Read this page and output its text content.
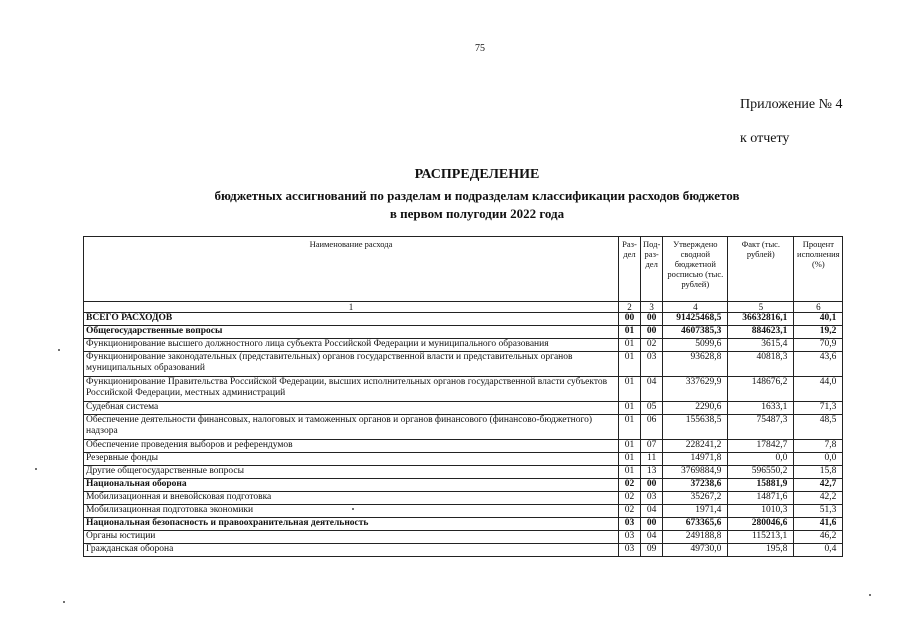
75
Приложение № 4
к отчету
РАСПРЕДЕЛЕНИЕ
бюджетных ассигнований по разделам и подразделам классификации расходов бюджетов
в первом полугодии 2022 года
Наименование расхода	Раз-дел	Под-раз-дел	Утверждено сводной бюджетной росписью (тыс. рублей)	Факт (тыс. рублей)	Процент исполнения (%)
1	2	3	4	5	6
ВСЕГО РАСХОДОВ	00	00	91425468,5	36632816,1	40,1
Общегосударственные вопросы	01	00	4607385,3	884623,1	19,2
Функционирование высшего должностного лица субъекта Российской Федерации и муниципального образования	01	02	5099,6	3615,4	70,9
Функционирование законодательных (представительных) органов государственной власти и представительных органов муниципальных образований	01	03	93628,8	40818,3	43,6
Функционирование Правительства Российской Федерации, высших исполнительных органов государственной власти субъектов Российской Федерации, местных администраций	01	04	337629,9	148676,2	44,0
Судебная система	01	05	2290,6	1633,1	71,3
Обеспечение деятельности финансовых, налоговых и таможенных органов и органов финансового (финансово-бюджетного) надзора	01	06	155638,5	75487,3	48,5
Обеспечение проведения выборов и референдумов	01	07	228241,2	17842,7	7,8
Резервные фонды	01	11	14971,8	0,0	0,0
Другие общегосударственные вопросы	01	13	3769884,9	596550,2	15,8
Национальная оборона	02	00	37238,6	15881,9	42,7
Мобилизационная и вневойсковая подготовка	02	03	35267,2	14871,6	42,2
Мобилизационная подготовка экономики	02	04	1971,4	1010,3	51,3
Национальная безопасность и правоохранительная деятельность	03	00	673365,6	280046,6	41,6
Органы юстиции	03	04	249188,8	115213,1	46,2
Гражданская оборона	03	09	49730,0	195,8	0,4
